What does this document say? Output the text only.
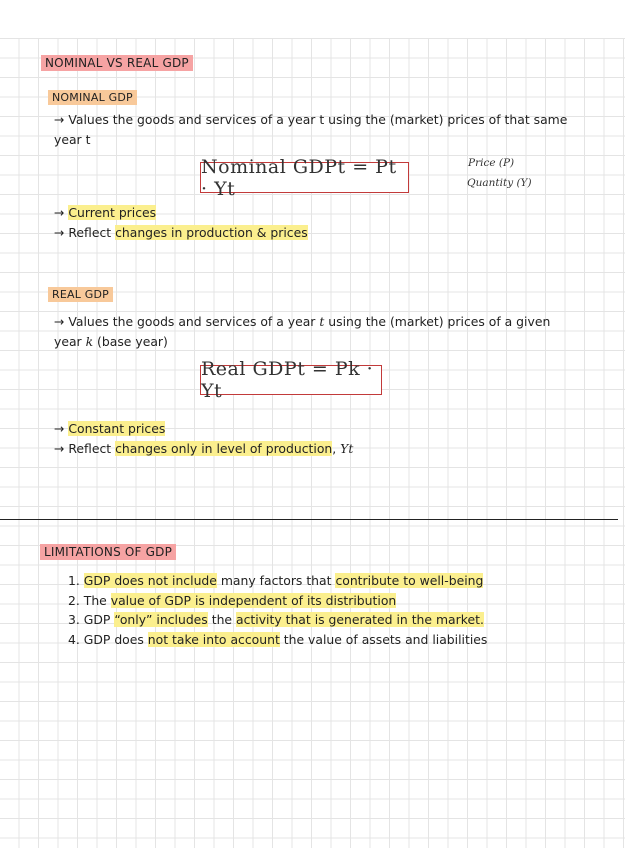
NOMINAL VS REAL GDP
NOMINAL GDP
→ Values the goods and services of a year t using the (market) prices of that same
year t
Nominal GDPt = Pt · Yt
Price (P)
Quantity (Y)
→ Current prices
→ Reflect changes in production & prices
REAL GDP
→ Values the goods and services of a year t using the (market) prices of a given
year k (base year)
Real GDPt = Pk · Yt
→ Constant prices
→ Reflect changes only in level of production, Yt
LIMITATIONS OF GDP
1. GDP does not include many factors that contribute to well-being
2. The value of GDP is independent of its distribution
3. GDP “only” includes the activity that is generated in the market.
4. GDP does not take into account the value of assets and liabilities
